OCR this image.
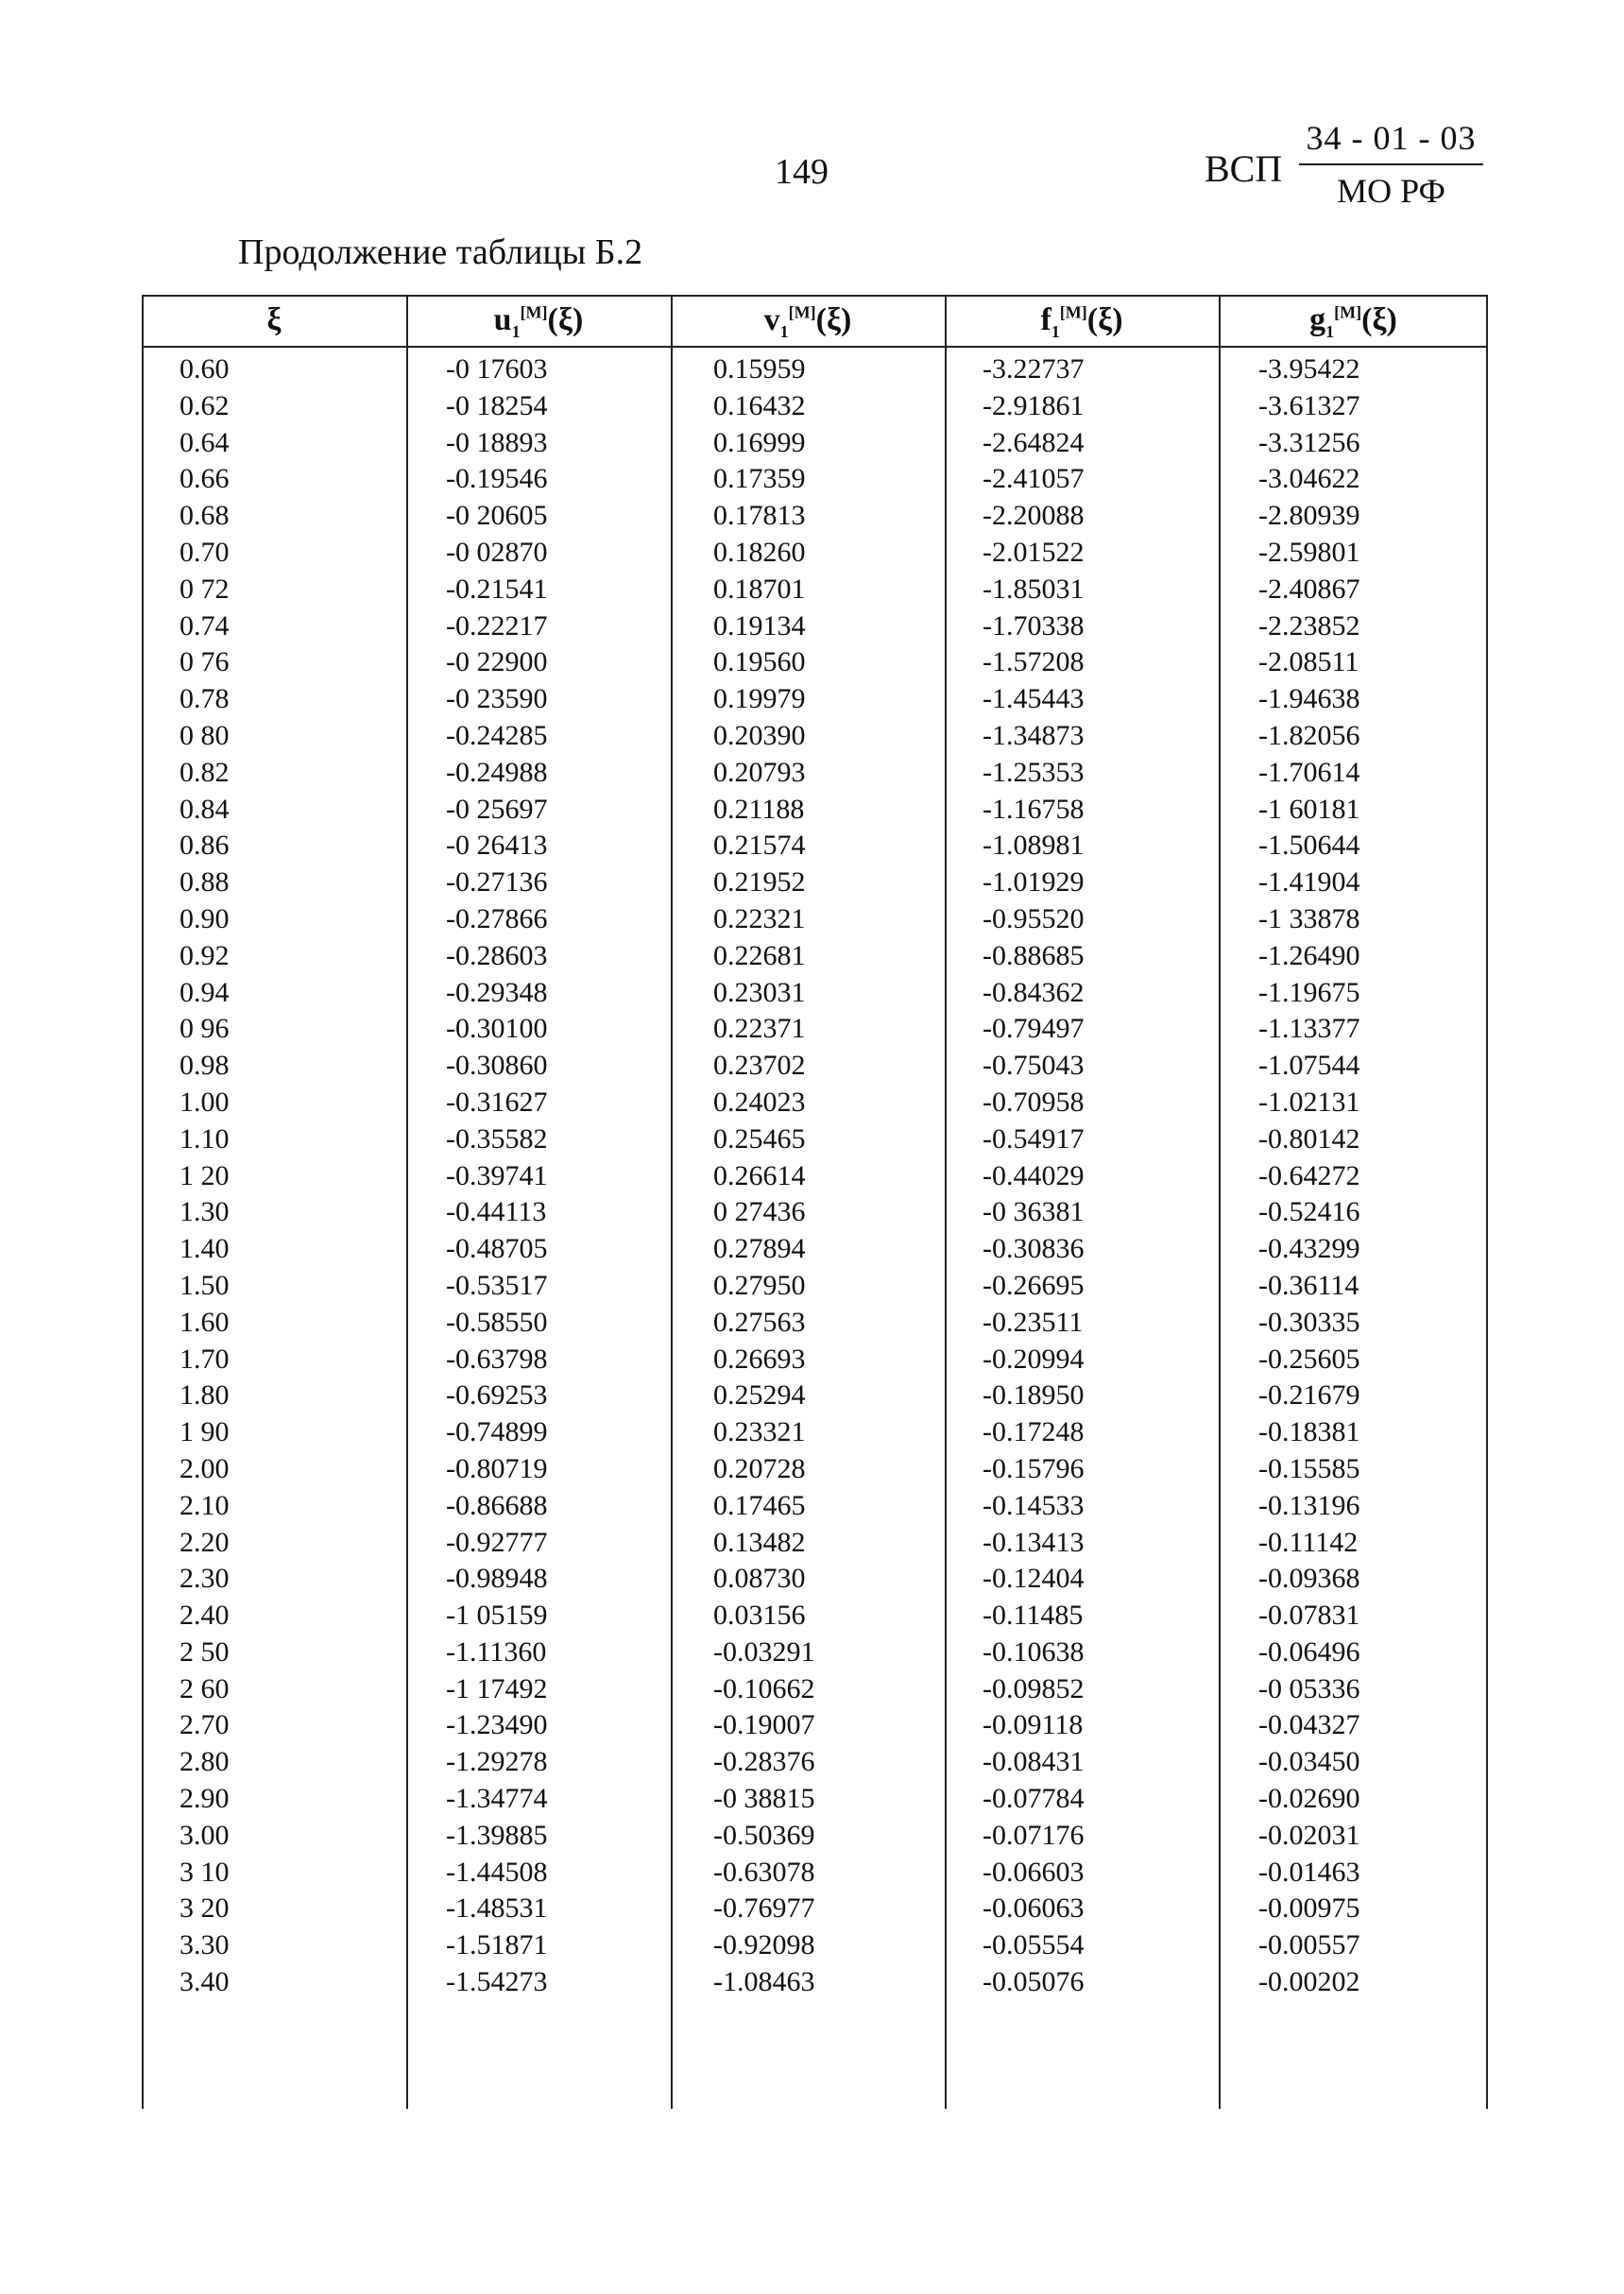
149	ВСП
34 - 01 - 03
МО РФ
Продолжение таблицы Б.2
ξ	$u_1[M](\xi)$	$v_1[M](\xi)$	$f_1[M](\xi)$	$g_1[M](\xi)$
0.60	-0 17603	0.15959	-3.22737	-3.95422
0.62	-0 18254	0.16432	-2.91861	-3.61327
0.64	-0 18893	0.16999	-2.64824	-3.31256
0.66	-0.19546	0.17359	-2.41057	-3.04622
0.68	-0 20605	0.17813	-2.20088	-2.80939
0.70	-0 02870	0.18260	-2.01522	-2.59801
0 72	-0.21541	0.18701	-1.85031	-2.40867
0.74	-0.22217	0.19134	-1.70338	-2.23852
0 76	-0 22900	0.19560	-1.57208	-2.08511
0.78	-0 23590	0.19979	-1.45443	-1.94638
0 80	-0.24285	0.20390	-1.34873	-1.82056
0.82	-0.24988	0.20793	-1.25353	-1.70614
0.84	-0 25697	0.21188	-1.16758	-1 60181
0.86	-0 26413	0.21574	-1.08981	-1.50644
0.88	-0.27136	0.21952	-1.01929	-1.41904
0.90	-0.27866	0.22321	-0.95520	-1 33878
0.92	-0.28603	0.22681	-0.88685	-1.26490
0.94	-0.29348	0.23031	-0.84362	-1.19675
0 96	-0.30100	0.22371	-0.79497	-1.13377
0.98	-0.30860	0.23702	-0.75043	-1.07544
1.00	-0.31627	0.24023	-0.70958	-1.02131
1.10	-0.35582	0.25465	-0.54917	-0.80142
1 20	-0.39741	0.26614	-0.44029	-0.64272
1.30	-0.44113	0 27436	-0 36381	-0.52416
1.40	-0.48705	0.27894	-0.30836	-0.43299
1.50	-0.53517	0.27950	-0.26695	-0.36114
1.60	-0.58550	0.27563	-0.23511	-0.30335
1.70	-0.63798	0.26693	-0.20994	-0.25605
1.80	-0.69253	0.25294	-0.18950	-0.21679
1 90	-0.74899	0.23321	-0.17248	-0.18381
2.00	-0.80719	0.20728	-0.15796	-0.15585
2.10	-0.86688	0.17465	-0.14533	-0.13196
2.20	-0.92777	0.13482	-0.13413	-0.11142
2.30	-0.98948	0.08730	-0.12404	-0.09368
2.40	-1 05159	0.03156	-0.11485	-0.07831
2 50	-1.11360	-0.03291	-0.10638	-0.06496
2 60	-1 17492	-0.10662	-0.09852	-0 05336
2.70	-1.23490	-0.19007	-0.09118	-0.04327
2.80	-1.29278	-0.28376	-0.08431	-0.03450
2.90	-1.34774	-0 38815	-0.07784	-0.02690
3.00	-1.39885	-0.50369	-0.07176	-0.02031
3 10	-1.44508	-0.63078	-0.06603	-0.01463
3 20	-1.48531	-0.76977	-0.06063	-0.00975
3.30	-1.51871	-0.92098	-0.05554	-0.00557
3.40	-1.54273	-1.08463	-0.05076	-0.00202
